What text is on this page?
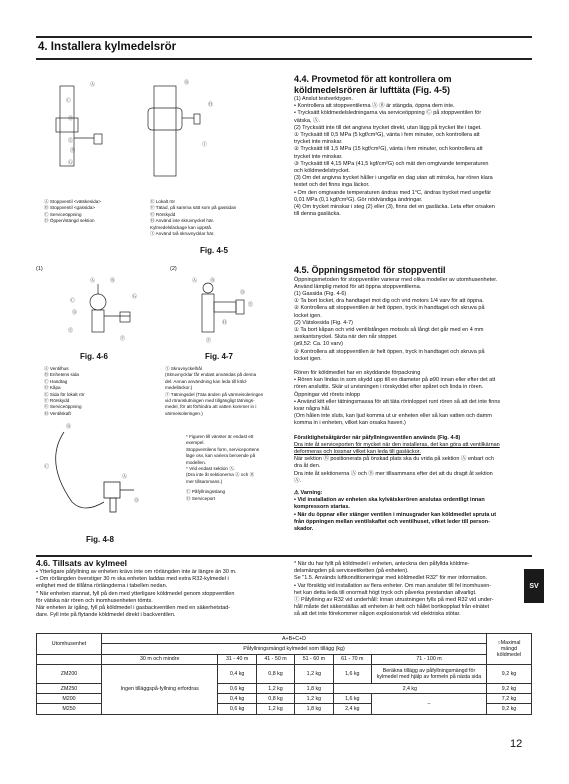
4. Installera kylmedelsrör
Ⓐ
Ⓒ
Ⓓ
Ⓔ
Ⓕ
Ⓖ
Ⓑ
Ⓗ
Ⓘ

Ⓐ Stoppventil <vätskesida>

Ⓑ Stoppventil <gassida>

Ⓒ Serviceöppning

Ⓓ Öppen/stängd sektion

Ⓔ Lokalt rör

Ⓕ Tätad, på samma sätt som på gassidan

Ⓖ Rörskydd

Ⓗ Använd inte skruvnyckel här.

Kylmedelsläckage kan uppstå.

Ⓘ Använd två skruvnycklar här.

Fig. 4-5
(1)	(2)
Ⓐ	Ⓑ
Ⓒ
Ⓓ
Ⓖ
Ⓔ
Ⓕ
Ⓐ	Ⓑ
Ⓓ
Ⓔ
Ⓗ
Ⓕ
Fig. 4-6	Fig. 4-7

Ⓐ Ventilhus

Ⓑ Enhetens sida

Ⓒ Handtag

Ⓓ Kåpa

Ⓔ Sida för lokalt rör

Ⓕ Rörskydd

Ⓖ Serviceöppning

Ⓗ Ventilskaft

Ⓘ Skruvnyckelhål

(Skruvnycklar får endast användas på denna

del. Annan användning kan leda till köld-

medelläckor.)

Ⓙ Tätningsdel (Täta änden på värmeisoleringen

vid röranslutningen med tillgängligt tätnings-

medel, för att förhindra att vatten kommer in i

värmeisoleringen.)

Ⓑ
Ⓒ
Ⓐ
Ⓓ

* Figuren till vänster är endast ett

exempel.

Stoppventilens form, serviceportens

läge osv, kan variera beroende på

modellen.

* Vrid endast sektion Ⓐ.

(Dra inte åt sektionerna Ⓐ och Ⓑ

mer tillsammans.)

Ⓒ Påfyllningsslang

Ⓓ Serviceport

Fig. 4-8

4.4. Provmetod för att kontrollera om köldmedelsrören är lufttäta (Fig. 4-5)

(1) Anslut testverktygen.

• Kontrollera att stoppventilerna Ⓐ Ⓑ är stängda, öppna dem inte.

• Trycksätt köldmedelsledningarna via serviceöppning Ⓒ på stoppventilen för

vätska, Ⓐ.

(2) Trycksätt inte till det angivna trycket direkt, utan lägg på trycket lite i taget.

① Trycksätt till 0,5 MPa (5 kgf/cm²G), vänta i fem minuter, och kontrollera att

trycket inte minskar.

② Trycksätt till 1,5 MPa (15 kgf/cm²G), vänta i fem minuter, och kontrollera att

trycket inte minskar.

③ Trycksätt till 4,15 MPa (41,5 kgf/cm²G) och mät den omgivande temperaturen

och köldmedelstrycket.

(3) Om det angivna trycket håller i ungefär en dag utan att minska, har rören klara

testet och det finns inga läckor.

• Om den omgivande temperaturen ändras med 1°C, ändras trycket med ungefär

0,01 MPa (0,1 kgf/cm²G). Gör nödvändiga ändringar.

(4) Om trycket minskar i steg (2) eller (3), finns det en gasläcka. Leta efter orsaken

till denna gasläcka.

4.5. Öppningsmetod för stoppventil

Öppningsmetoden för stoppventiler varierar med olika modeller av utomhusenheter.

Använd lämplig metod för att öppna stoppventilerna.

(1) Gassida (Fig. 4-6)

① Ta bort locket, dra handtaget mot dig och vrid motors 1/4 varv för att öppna.

② Kontrollera att stoppventilen är helt öppen, tryck in handtaget och skruva på

locket igen.

(2) Vätskesida (Fig. 4-7)

① Ta bort kåpan och vrid ventilstången motsols så långt det går med en 4 mm

sexkantsnyckel. Sluta när den når stoppet.

(ø9,52: Ca. 10 varv)

② Kontrollera att stoppventilen är helt öppen, tryck in handtaget och skruva på

locket igen.

Rören för köldmedlet har en skyddande förpackning

• Rören kan lindas in som skydd upp till en diameter på ø90 innan eller efter det att

rören anslutits. Skär ut urvisningen i rörskyddet efter spåret och linda in rören.

Öppningar vid rörets inlopp

• Använd kitt eller tätningsmassa för att täta rörinloppet runt rören så att det inte finns

kvar några hål.

(Om hålen inte sluts, kan ljud komma ut ur enheten eller så kan vatten och damm

komma in i enheten, vilket kan orsaka haveri.)

Försiktighetsåtgärder när påfyllningsventilen används (Fig. 4-8)

Dra inte åt serviceporten för mycket när den installeras, det kan göra att ventilkärnan

deformeras och lossnar vilket kan leda till gasläckor.

När sektion Ⓑ positionerats på önskad plats ska du vrida på sektion Ⓐ enbart och

dra åt den.

Dra inte åt sektionerna Ⓐ och Ⓑ mer tillsammans efter det att du dragit åt sektion

Ⓐ.

⚠ Varning:

• Vid installation av enheten ska kylvätskerören anslutas ordentligt innan

kompressorn startas.

• När du öppnar eller stänger ventilen i minusgrader kan köldmedlet spruta ut

från öppningen mellan ventilskaftet och ventilhuset, vilket leder till person-

skador.

4.6. Tillsats av kylmeel

• Ytterligare påfyllning av enheten krävs inte om rörlängden inte är längre än 30 m.

• Om rörlängden överstiger 30 m ska enheten laddas med extra R32-kylmedel i

enlighet med de tillåtna rörlängderna i tabellen nedan.

* När enheten stannat, fyll på den med ytterligare köldmedel genom stoppventilen

för vätska när rören och inomhusenheten tömts.

När enheten är igång, fyll på köldmedel i gasbackventilen med en säkerhetstad-

dare. Fyll inte på flytande köldmedel direkt i backventilen.

* När du har fyllt på köldmedel i enheten, anteckna den påfyllda köldme-

delsmängden på serviceetiketten (på enheten).

Se "1.5. Används luftkonditioneringar med köldmedlet R32" för mer information.

• Var försiktig vid installation av flera enheter. Om man ansluter till fel inomhusen-

het kan detta leda till onormalt högt tryck och påverka prestandan allvarligt.

Ⓘ Påfyllning av R32 vid underhåll: Innan utrustningen fylls på med R32 vid under-

håll måste det säkerställas att enheten är helt och hållet bortkopplad från elnätet

så att det inte förekommer någon explosionsrisk vid elektriska stötar.

SV
Utomhusenhet	A+B+C+D						○Maximal mängd köldmedel
	Påfyllningsmängd kylmedel som tillägg (kg)						
	30 m och mindre	31 - 40 m	41 - 50 m	51 - 60 m	61 - 70 m	71 - 100 m	
ZM200	Ingen tilläggspå-fyllning erfordras	0,4 kg	0,8 kg	1,2 kg	1,6 kg	Beräkna tillägg av påfyllningsmängd för kylmedel med hjälp av formeln på nästa sida	9,2 kg
ZM250		0,6 kg	1,2 kg	1,8 kg	2,4 kg		9,2 kg
M200		0,4 kg	0,8 kg	1,2 kg	1,6 kg	–	7,2 kg
M250		0,6 kg	1,2 kg	1,8 kg	2,4 kg		9,2 kg
12
